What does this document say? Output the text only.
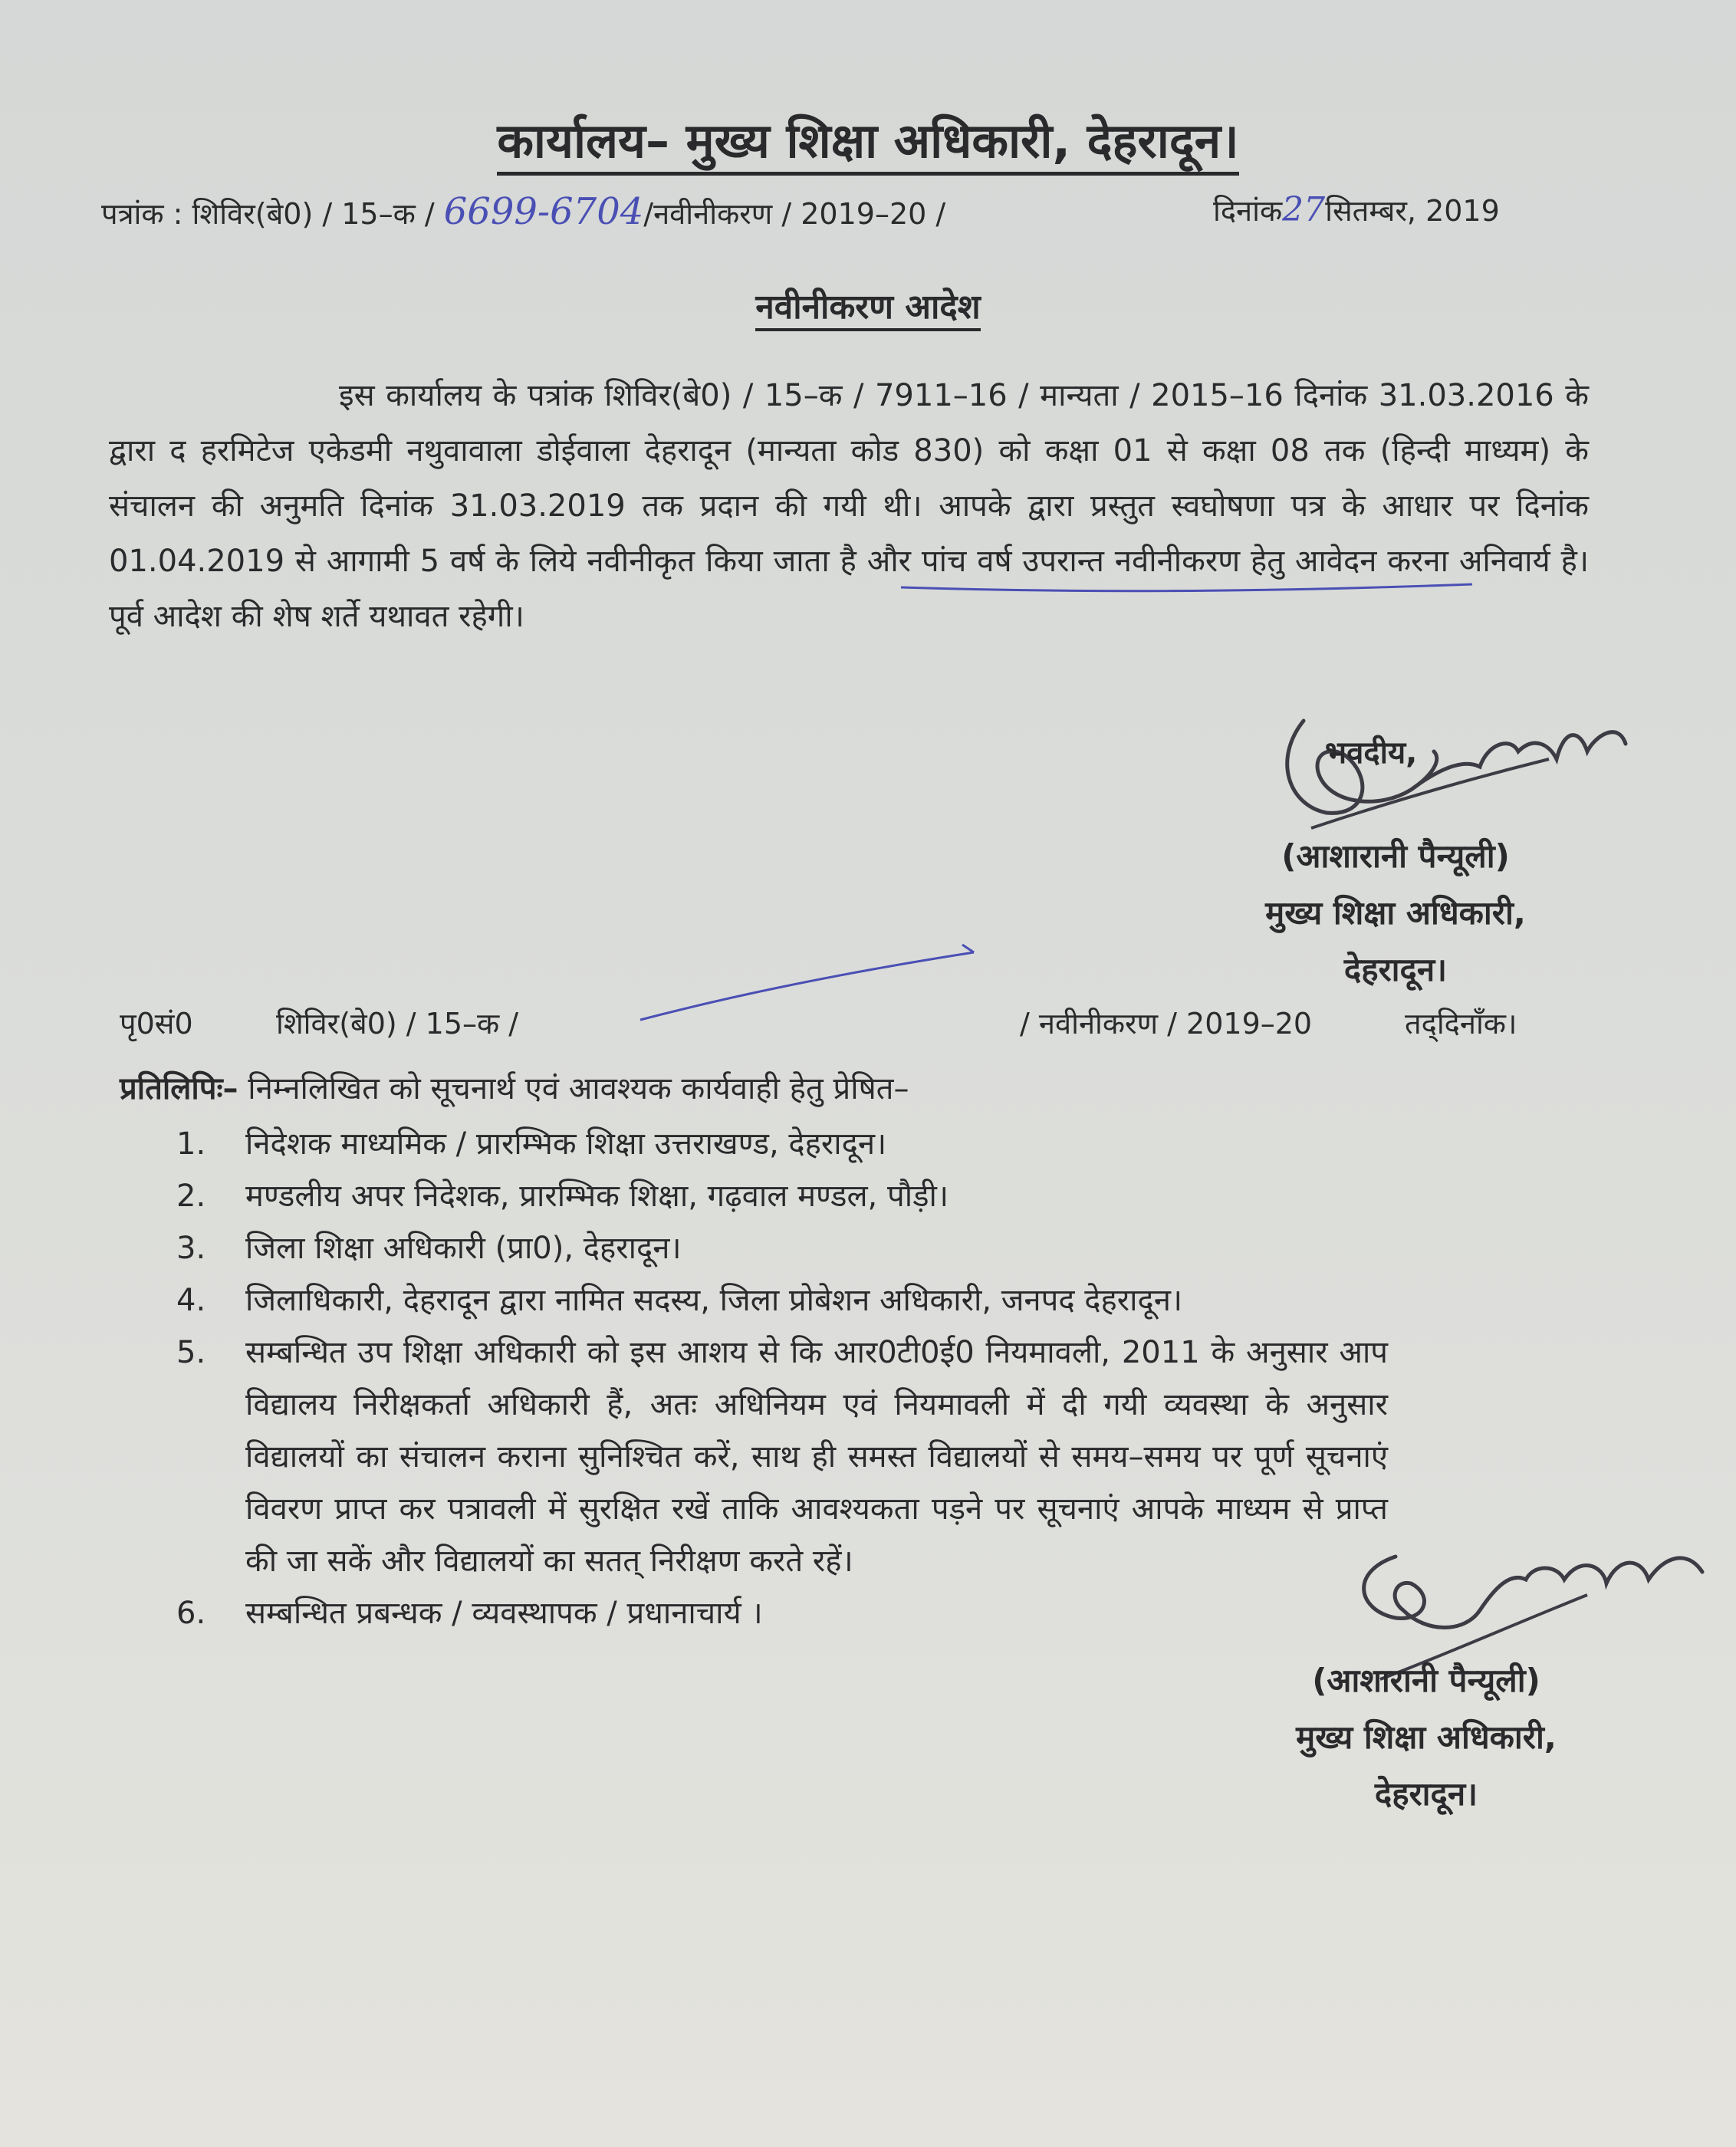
कार्यालय– मुख्य शिक्षा अधिकारी, देहरादून।
पत्रांक : शिविर(बे0) / 15–क / 6699-6704/नवीनीकरण / 2019–20 /	दिनांक27सितम्बर, 2019
नवीनीकरण आदेश
इस कार्यालय के पत्रांक शिविर(बे0) / 15–क / 7911–16 / मान्यता / 2015–16 दिनांक 31.03.2016 के द्वारा द हरमिटेज एकेडमी नथुवावाला डोईवाला देहरादून (मान्यता कोड 830) को कक्षा 01 से कक्षा 08 तक (हिन्दी माध्यम) के संचालन की अनुमति दिनांक 31.03.2019 तक प्रदान की गयी थी। आपके द्वारा प्रस्तुत स्वघोषणा पत्र के आधार पर दिनांक 01.04.2019 से आगामी 5 वर्ष के लिये नवीनीकृत किया जाता है और पांच वर्ष उपरान्त नवीनीकरण हेतु आवेदन करना अनिवार्य है। पूर्व आदेश की शेष शर्ते यथावत रहेगी।
भवदीय,
(आशारानी पैन्यूली)
मुख्य शिक्षा अधिकारी,
देहरादून।
पृ0सं0	शिविर(बे0) / 15–क /	/ नवीनीकरण / 2019–20	तद्‌दिनाँक।
प्रतिलिपिः– निम्नलिखित को सूचनार्थ एवं आवश्यक कार्यवाही हेतु प्रेषित–
1. निदेशक माध्यमिक / प्रारम्भिक शिक्षा उत्तराखण्ड, देहरादून।
2. मण्डलीय अपर निदेशक, प्रारम्भिक शिक्षा, गढ़वाल मण्डल, पौड़ी।
3. जिला शिक्षा अधिकारी (प्रा0), देहरादून।
4. जिलाधिकारी, देहरादून द्वारा नामित सदस्य, जिला प्रोबेशन अधिकारी, जनपद देहरादून।
5. सम्बन्धित उप शिक्षा अधिकारी को इस आशय से कि आर0टी0ई0 नियमावली, 2011 के अनुसार आप विद्यालय निरीक्षकर्ता अधिकारी हैं, अतः अधिनियम एवं नियमावली में दी गयी व्यवस्था के अनुसार विद्यालयों का संचालन कराना सुनिश्चित करें, साथ ही समस्त विद्यालयों से समय–समय पर पूर्ण सूचनाएं विवरण प्राप्त कर पत्रावली में सुरक्षित रखें ताकि आवश्यकता पड़ने पर सूचनाएं आपके माध्यम से प्राप्त की जा सकें और विद्यालयों का सतत् निरीक्षण करते रहें।
6. सम्बन्धित प्रबन्धक / व्यवस्थापक / प्रधानाचार्य ।
(आशारानी पैन्यूली)
मुख्य शिक्षा अधिकारी,
देहरादून।
